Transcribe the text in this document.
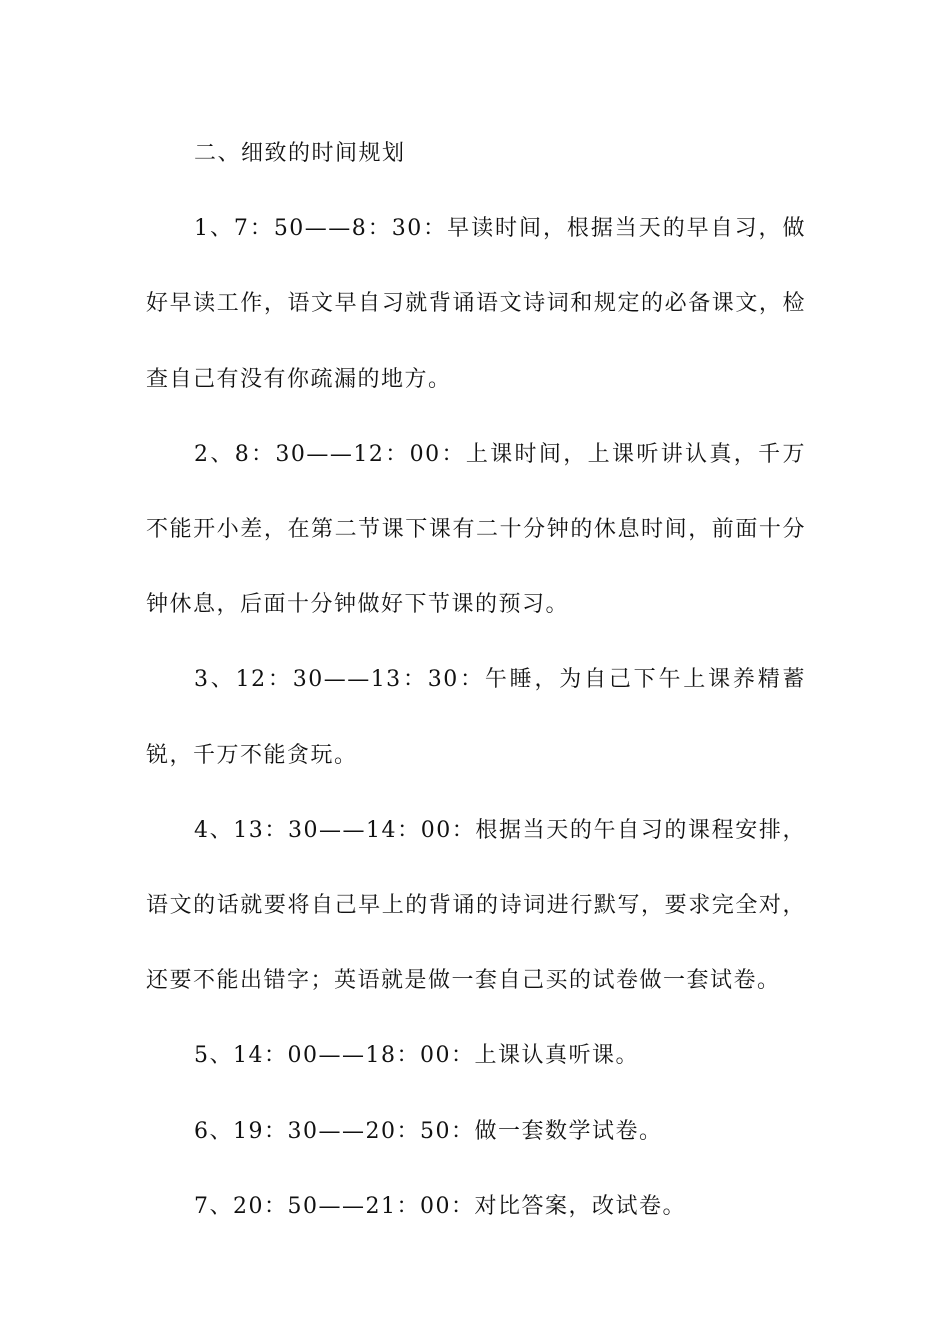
二、细致的时间规划

1、7：50——8：30：早读时间，根据当天的早自习，做好早读工作，语文早自习就背诵语文诗词和规定的必备课文，检查自己有没有你疏漏的地方。

2、8：30——12：00：上课时间，上课听讲认真，千万不能开小差，在第二节课下课有二十分钟的休息时间，前面十分钟休息，后面十分钟做好下节课的预习。

3、12：30——13：30：午睡，为自己下午上课养精蓄锐，千万不能贪玩。

4、13：30——14：00：根据当天的午自习的课程安排，语文的话就要将自己早上的背诵的诗词进行默写，要求完全对，还要不能出错字；英语就是做一套自己买的试卷做一套试卷。

5、14：00——18：00：上课认真听课。

6、19：30——20：50：做一套数学试卷。

7、20：50——21：00：对比答案，改试卷。
